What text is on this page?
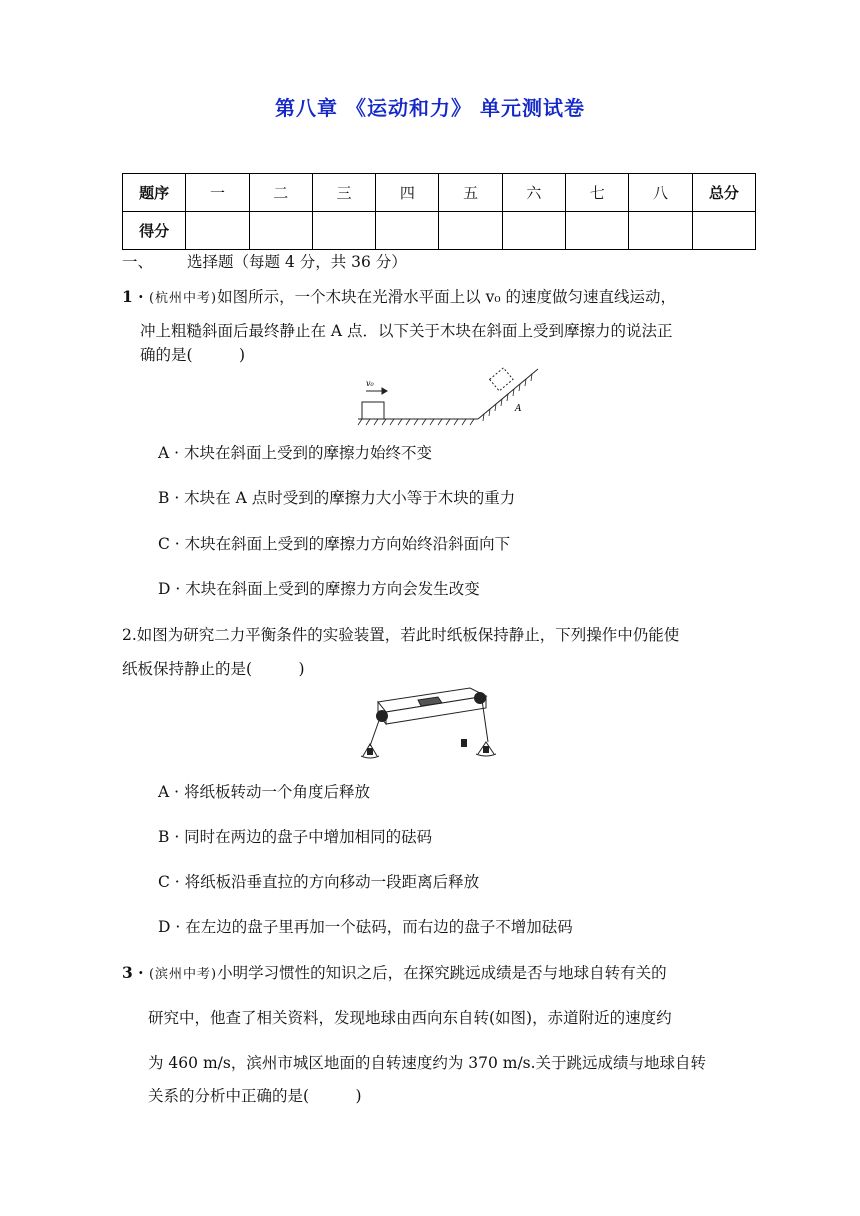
第八章 《运动和力》 单元测试卷
题序	一	二	三	四	五	六	七	八	总分
得分									
一、 选择题（每题 4 分，共 36 分）
1 · (杭州中考)如图所示，一个木块在光滑水平面上以 v₀ 的速度做匀速直线运动，
冲上粗糙斜面后最终静止在 A 点．以下关于木块在斜面上受到摩擦力的说法正
确的是(　　　)
v₀
A
A · 木块在斜面上受到的摩擦力始终不变
B · 木块在 A 点时受到的摩擦力大小等于木块的重力
C · 木块在斜面上受到的摩擦力方向始终沿斜面向下
D · 木块在斜面上受到的摩擦力方向会发生改变
2.如图为研究二力平衡条件的实验装置，若此时纸板保持静止，下列操作中仍能使
纸板保持静止的是(　　　)
A · 将纸板转动一个角度后释放
B · 同时在两边的盘子中增加相同的砝码
C · 将纸板沿垂直拉的方向移动一段距离后释放
D · 在左边的盘子里再加一个砝码，而右边的盘子不增加砝码
3 · (滨州中考)小明学习惯性的知识之后，在探究跳远成绩是否与地球自转有关的
研究中，他查了相关资料，发现地球由西向东自转(如图)，赤道附近的速度约
为 460 m/s，滨州市城区地面的自转速度约为 370 m/s.关于跳远成绩与地球自转
关系的分析中正确的是(　　　)
